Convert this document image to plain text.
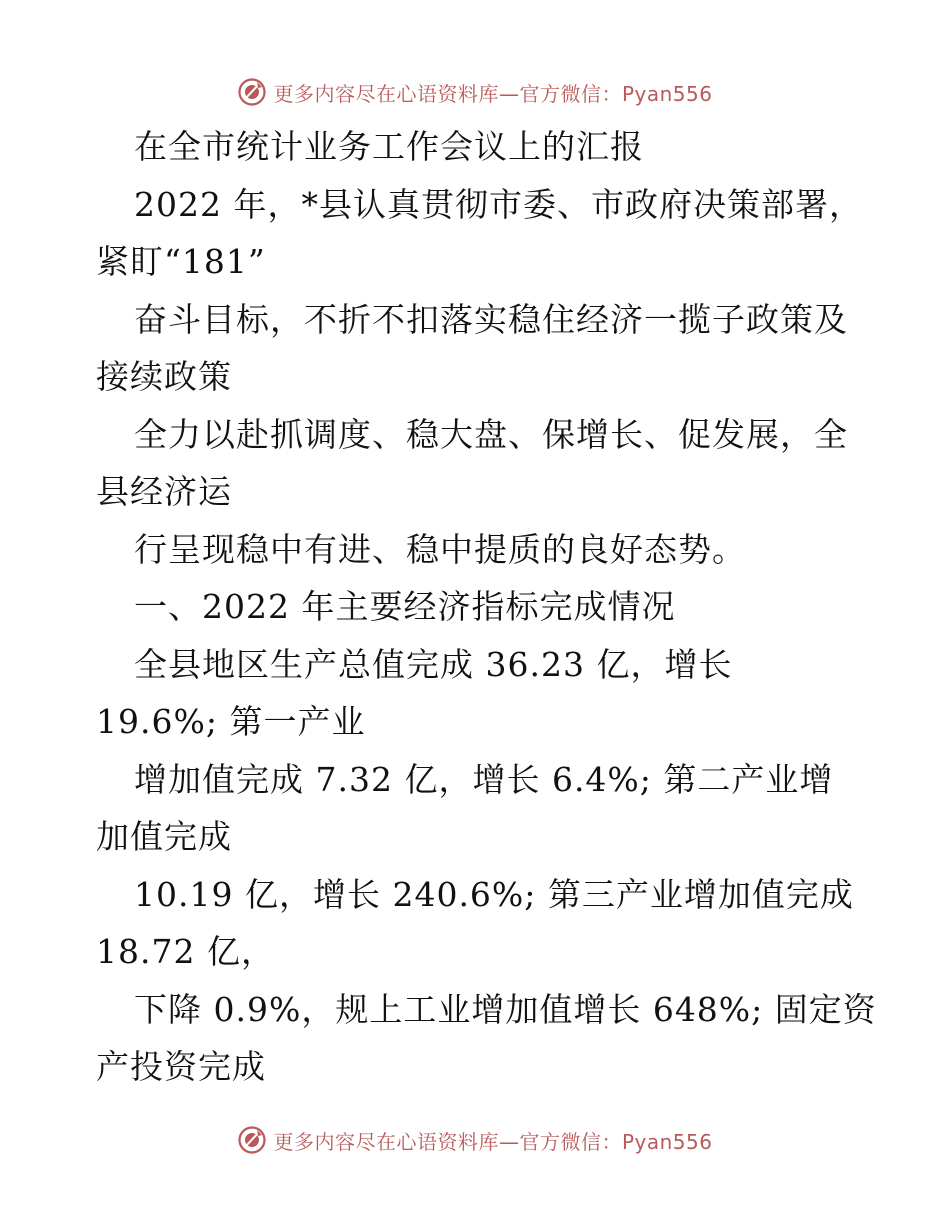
更多内容尽在心语资料库—官方微信：Pyan556
在全市统计业务工作会议上的汇报
2022 年，*县认真贯彻市委、市政府决策部署，
紧盯“181”
奋斗目标，不折不扣落实稳住经济一揽子政策及
接续政策
全力以赴抓调度、稳大盘、保增长、促发展，全
县经济运
行呈现稳中有进、稳中提质的良好态势。
一、2022 年主要经济指标完成情况
全县地区生产总值完成 36.23 亿，增长
19.6%; 第一产业
增加值完成 7.32 亿，增长 6.4%; 第二产业增
加值完成
10.19 亿，增长 240.6%; 第三产业增加值完成
18.72 亿，
下降 0.9%，规上工业增加值增长 648%; 固定资
产投资完成
更多内容尽在心语资料库—官方微信：Pyan556
